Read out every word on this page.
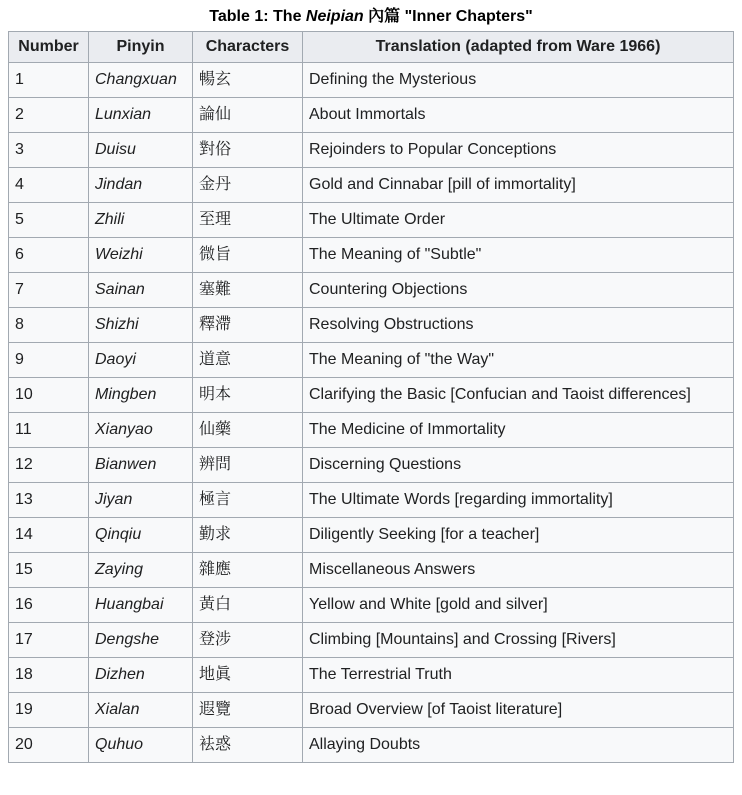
Table 1: The Neipian 內篇 "Inner Chapters"
Number	Pinyin	Characters	Translation (adapted from Ware 1966)
1	Changxuan	暢玄	Defining the Mysterious
2	Lunxian	論仙	About Immortals
3	Duisu	對俗	Rejoinders to Popular Conceptions
4	Jindan	金丹	Gold and Cinnabar [pill of immortality]
5	Zhili	至理	The Ultimate Order
6	Weizhi	微旨	The Meaning of "Subtle"
7	Sainan	塞難	Countering Objections
8	Shizhi	釋滯	Resolving Obstructions
9	Daoyi	道意	The Meaning of "the Way"
10	Mingben	明本	Clarifying the Basic [Confucian and Taoist differences]
11	Xianyao	仙藥	The Medicine of Immortality
12	Bianwen	辨問	Discerning Questions
13	Jiyan	極言	The Ultimate Words [regarding immortality]
14	Qinqiu	勤求	Diligently Seeking [for a teacher]
15	Zaying	雜應	Miscellaneous Answers
16	Huangbai	黃白	Yellow and White [gold and silver]
17	Dengshe	登涉	Climbing [Mountains] and Crossing [Rivers]
18	Dizhen	地眞	The Terrestrial Truth
19	Xialan	遐覽	Broad Overview [of Taoist literature]
20	Quhuo	袪惑	Allaying Doubts
